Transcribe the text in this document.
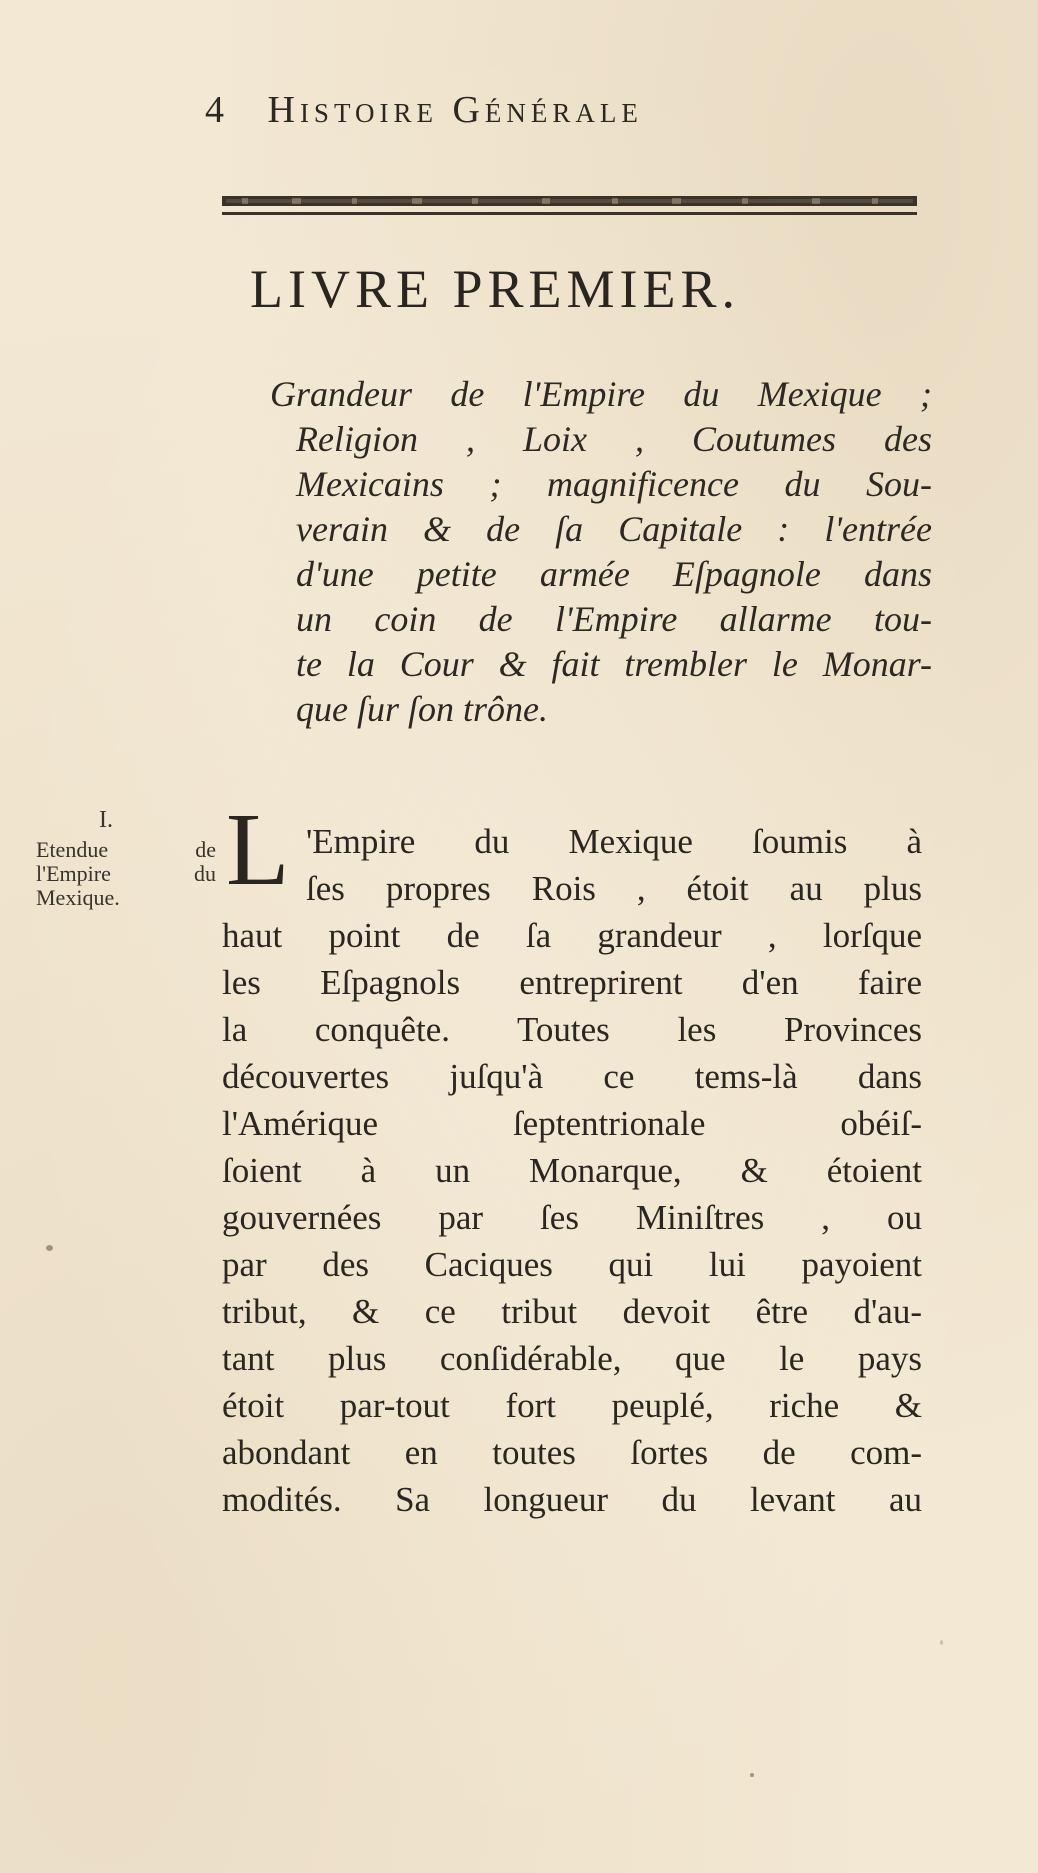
4 Histoire Générale
LIVRE PREMIER.
Grandeur de l'Empire du Mexique ;
Religion , Loix , Coutumes des
Mexicains ; magnificence du Sou-
verain & de ſa Capitale : l'entrée
d'une petite armée Eſpagnole dans
un coin de l'Empire allarme tou-
te la Cour & fait trembler le Monar-
que ſur ſon trône.
I.
Etendue de
l'Empire du
Mexique.	L 'Empire du Mexique ſoumis à
ſes propres Rois , étoit au plus
haut point de ſa grandeur , lorſque
les Eſpagnols entreprirent d'en faire
la conquête. Toutes les Provinces
découvertes juſqu'à ce tems-là dans
l'Amérique ſeptentrionale obéiſ-
ſoient à un Monarque, & étoient
gouvernées par ſes Miniſtres , ou
par des Caciques qui lui payoient
tribut, & ce tribut devoit être d'au-
tant plus conſidérable, que le pays
étoit par-tout fort peuplé, riche &
abondant en toutes ſortes de com-
modités. Sa longueur du levant au
